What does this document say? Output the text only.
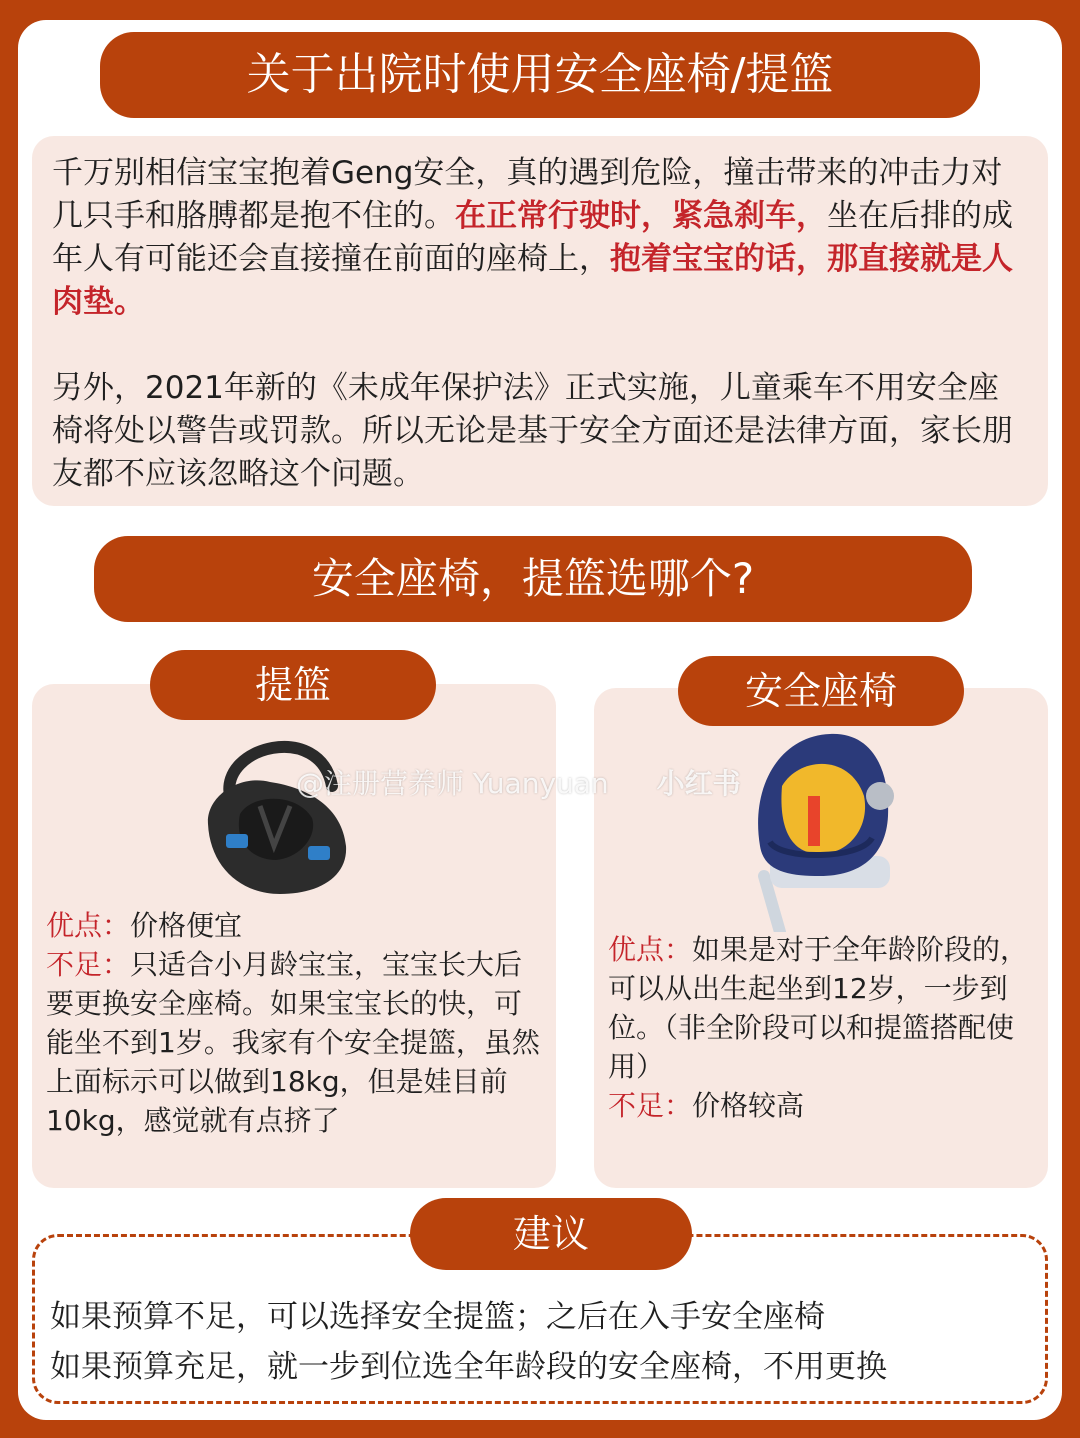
关于出院时使用安全座椅/提篮

千万别相信宝宝抱着Geng安全，真的遇到危险，撞击带来的冲击力对几只手和胳膊都是抱不住的。在正常行驶时，紧急刹车，坐在后排的成年人有可能还会直接撞在前面的座椅上，抱着宝宝的话，那直接就是人肉垫。

另外，2021年新的《未成年保护法》正式实施，儿童乘车不用安全座椅将处以警告或罚款。所以无论是基于安全方面还是法律方面，家长朋友都不应该忽略这个问题。

安全座椅，提篮选哪个?
提篮	安全座椅
优点：价格便宜
不足：只适合小月龄宝宝，宝宝长大后要更换安全座椅。如果宝宝长的快，可能坐不到1岁。我家有个安全提篮，虽然上面标示可以做到18kg，但是娃目前10kg，感觉就有点挤了
优点：如果是对于全年龄阶段的，可以从出生起坐到12岁，一步到位。（非全阶段可以和提篮搭配使用）
不足：价格较高
@注册营养师 Yuanyuan 小红书
建议
如果预算不足，可以选择安全提篮；之后在入手安全座椅
如果预算充足，就一步到位选全年龄段的安全座椅，不用更换
